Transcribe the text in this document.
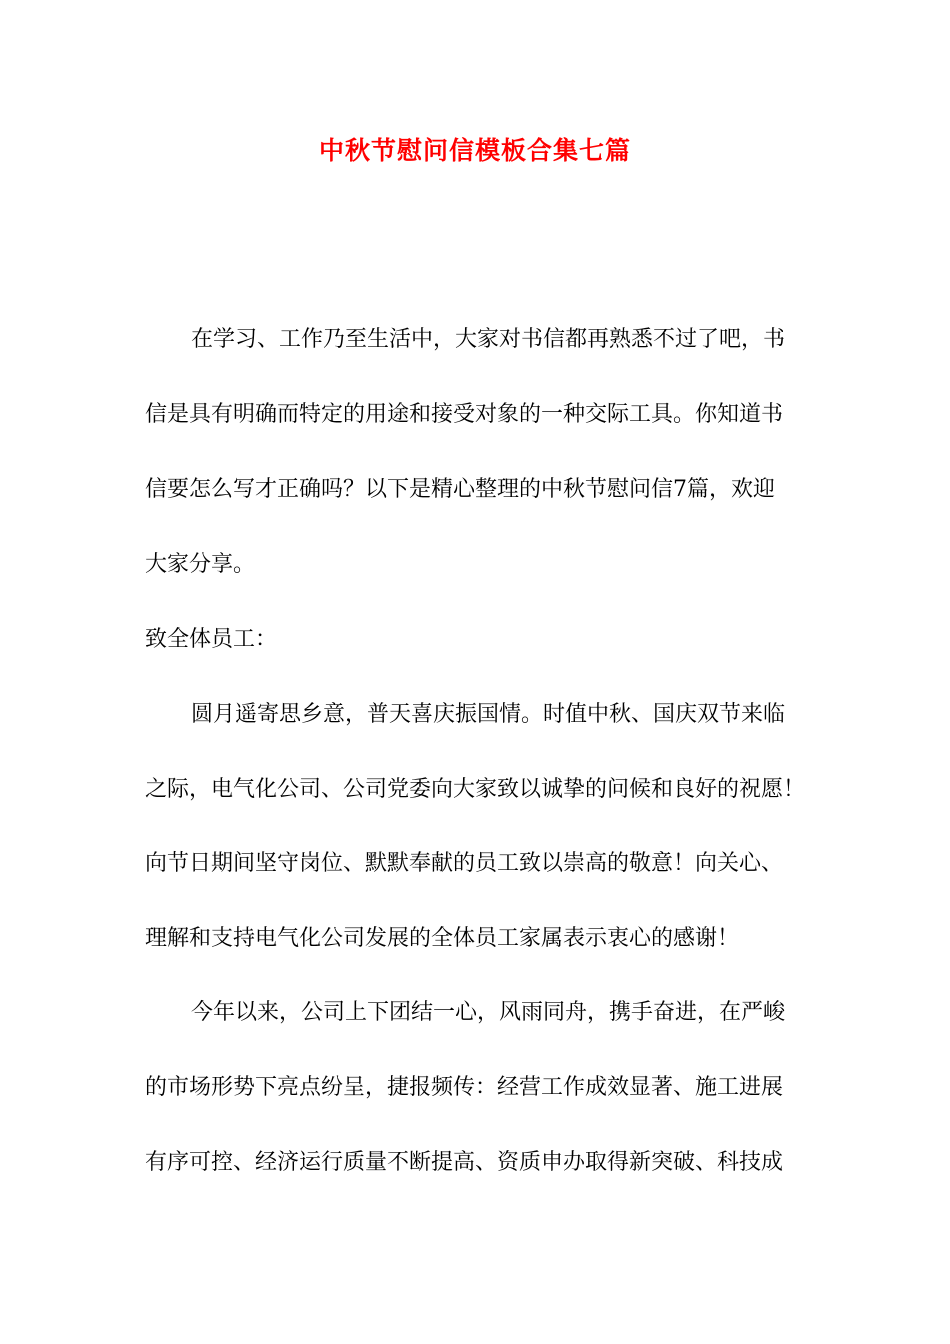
中秋节慰问信模板合集七篇
在学习、工作乃至生活中，大家对书信都再熟悉不过了吧，书
信是具有明确而特定的用途和接受对象的一种交际工具。你知道书
信要怎么写才正确吗？以下是精心整理的中秋节慰问信7篇，欢迎
大家分享。
致全体员工：
圆月遥寄思乡意，普天喜庆振国情。时值中秋、国庆双节来临
之际，电气化公司、公司党委向大家致以诚挚的问候和良好的祝愿！
向节日期间坚守岗位、默默奉献的员工致以崇高的敬意！向关心、
理解和支持电气化公司发展的全体员工家属表示衷心的感谢！
今年以来，公司上下团结一心，风雨同舟，携手奋进，在严峻
的市场形势下亮点纷呈，捷报频传：经营工作成效显著、施工进展
有序可控、经济运行质量不断提高、资质申办取得新突破、科技成
